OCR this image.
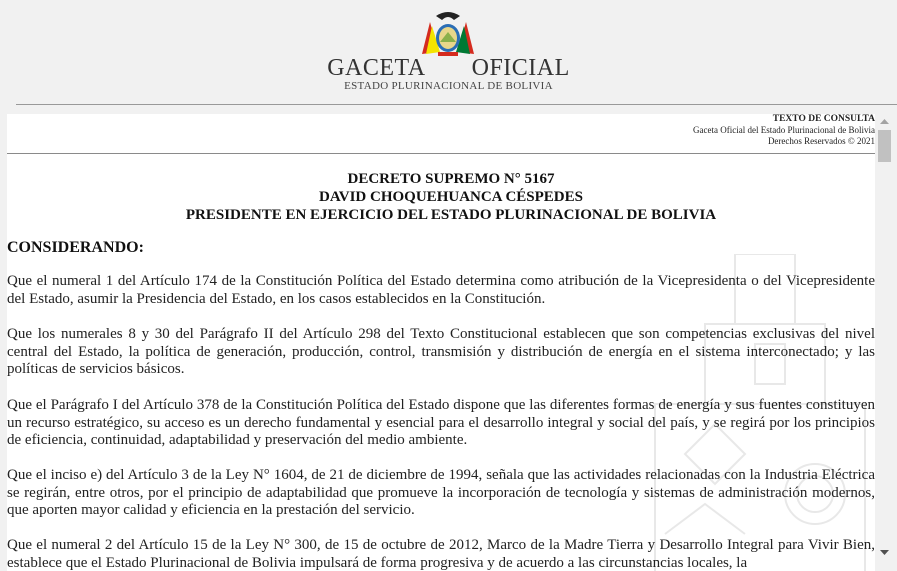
GACETA OFICIAL
ESTADO PLURINACIONAL DE BOLIVIA
TEXTO DE CONSULTA
Gaceta Oficial del Estado Plurinacional de Bolivia
Derechos Reservados © 2021
DECRETO SUPREMO N° 5167
DAVID CHOQUEHUANCA CÉSPEDES
PRESIDENTE EN EJERCICIO DEL ESTADO PLURINACIONAL DE BOLIVIA
CONSIDERANDO:

Que el numeral 1 del Artículo 174 de la Constitución Política del Estado determina como atribución de la Vicepresidenta o del Vicepresidente del Estado, asumir la Presidencia del Estado, en los casos establecidos en la Constitución.

Que los numerales 8 y 30 del Parágrafo II del Artículo 298 del Texto Constitucional establecen que son competencias exclusivas del nivel central del Estado, la política de generación, producción, control, transmisión y distribución de energía en el sistema interconectado; y las políticas de servicios básicos.

Que el Parágrafo I del Artículo 378 de la Constitución Política del Estado dispone que las diferentes formas de energía y sus fuentes constituyen un recurso estratégico, su acceso es un derecho fundamental y esencial para el desarrollo integral y social del país, y se regirá por los principios de eficiencia, continuidad, adaptabilidad y preservación del medio ambiente.

Que el inciso e) del Artículo 3 de la Ley N° 1604, de 21 de diciembre de 1994, señala que las actividades relacionadas con la Industria Eléctrica se regirán, entre otros, por el principio de adaptabilidad que promueve la incorporación de tecnología y sistemas de administración modernos, que aporten mayor calidad y eficiencia en la prestación del servicio.

Que el numeral 2 del Artículo 15 de la Ley N° 300, de 15 de octubre de 2012, Marco de la Madre Tierra y Desarrollo Integral para Vivir Bien, establece que el Estado Plurinacional de Bolivia impulsará de forma progresiva y de acuerdo a las circunstancias locales, la
